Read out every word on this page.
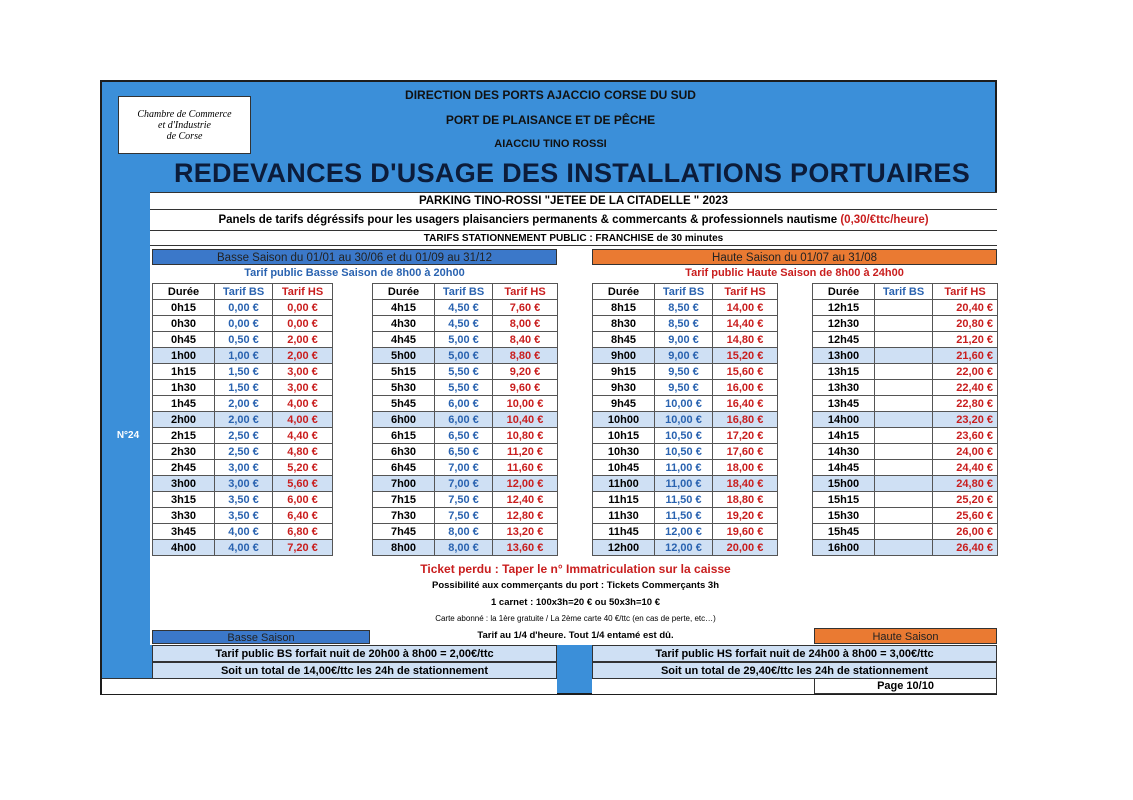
Chambre de Commerce
et d'Industrie
de Corse
DIRECTION DES PORTS AJACCIO CORSE DU SUD
PORT DE PLAISANCE ET DE PÊCHE
AIACCIU TINO ROSSI
REDEVANCES D'USAGE DES INSTALLATIONS PORTUAIRES
PARKING TINO-ROSSI "JETEE DE LA CITADELLE " 2023
Panels de tarifs dégréssifs pour les usagers plaisanciers permanents & commercants & professionnels nautisme (0,30/€ttc/heure)
TARIFS STATIONNEMENT PUBLIC : FRANCHISE de 30 minutes
Basse Saison du 01/01 au 30/06 et du 01/09 au 31/12	Haute Saison du 01/07 au 31/08
Tarif public Basse Saison de 8h00 à 20h00	Tarif public Haute Saison de 8h00 à 24h00
N°24
Durée	Tarif BS	Tarif HS	
0h15	0,00 €	0,00 €	
0h30	0,00 €	0,00 €	
0h45	0,50 €	2,00 €	
1h00	1,00 €	2,00 €	
1h15	1,50 €	3,00 €	
1h30	1,50 €	3,00 €	
1h45	2,00 €	4,00 €	
2h00	2,00 €	4,00 €	
2h15	2,50 €	4,40 €	
2h30	2,50 €	4,80 €	
2h45	3,00 €	5,20 €	
3h00	3,00 €	5,60 €	
3h15	3,50 €	6,00 €	
3h30	3,50 €	6,40 €	
3h45	4,00 €	6,80 €	
4h00	4,00 €	7,20 €	
Durée	Tarif BS	Tarif HS
4h15	4,50 €	7,60 €
4h30	4,50 €	8,00 €
4h45	5,00 €	8,40 €
5h00	5,00 €	8,80 €
5h15	5,50 €	9,20 €
5h30	5,50 €	9,60 €
5h45	6,00 €	10,00 €
6h00	6,00 €	10,40 €
6h15	6,50 €	10,80 €
6h30	6,50 €	11,20 €
6h45	7,00 €	11,60 €
7h00	7,00 €	12,00 €
7h15	7,50 €	12,40 €
7h30	7,50 €	12,80 €
7h45	8,00 €	13,20 €
8h00	8,00 €	13,60 €
Durée	Tarif BS	Tarif HS
8h15	8,50 €	14,00 €
8h30	8,50 €	14,40 €
8h45	9,00 €	14,80 €
9h00	9,00 €	15,20 €
9h15	9,50 €	15,60 €
9h30	9,50 €	16,00 €
9h45	10,00 €	16,40 €
10h00	10,00 €	16,80 €
10h15	10,50 €	17,20 €
10h30	10,50 €	17,60 €
10h45	11,00 €	18,00 €
11h00	11,00 €	18,40 €
11h15	11,50 €	18,80 €
11h30	11,50 €	19,20 €
11h45	12,00 €	19,60 €
12h00	12,00 €	20,00 €
Durée	Tarif BS	Tarif HS
12h15		20,40 €
12h30		20,80 €
12h45		21,20 €
13h00		21,60 €
13h15		22,00 €
13h30		22,40 €
13h45		22,80 €
14h00		23,20 €
14h15		23,60 €
14h30		24,00 €
14h45		24,40 €
15h00		24,80 €
15h15		25,20 €
15h30		25,60 €
15h45		26,00 €
16h00		26,40 €
Ticket perdu : Taper le n° Immatriculation sur la caisse
Possibilité aux commerçants du port : Tickets Commerçants 3h
1 carnet : 100x3h=20 € ou 50x3h=10 €
Carte abonné : la 1ère gratuite / La 2ème carte 40 €/ttc (en cas de perte, etc…)
Tarif au 1/4 d'heure. Tout 1/4 entamé est dû.
Basse Saison	Haute Saison
Tarif public BS forfait nuit de 20h00 à 8h00 = 2,00€/ttc
Soit un total de 14,00€/ttc les 24h de stationnement
Tarif public HS forfait nuit de 24h00 à 8h00 = 3,00€/ttc
Soit un total de 29,40€/ttc les 24h de stationnement
Page 10/10
